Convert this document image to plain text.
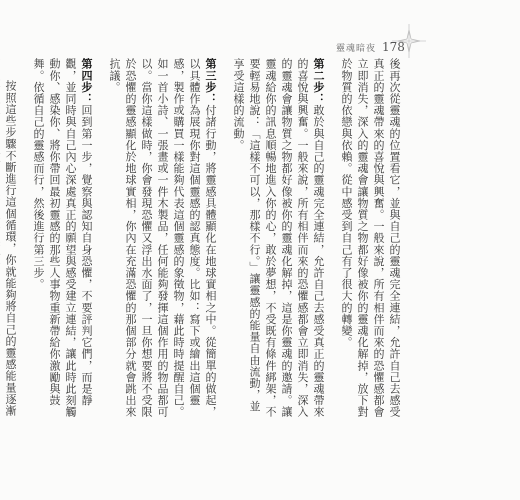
靈魂暗夜 178

後再次從靈魂的位置看它，並與自己的靈魂完全連結，允許自己去感受真正的靈魂帶來的喜悅與興奮。一般來說，所有相伴而來的恐懼感都會立即消失，深入的靈魂會讓物質之物都好像被你的靈魂化解掉，放下對於物質的依戀與依賴。從中感受到自己有了很大的轉變。

第二步：敢於與自己的靈魂完全連結，允許自己去感受真正的靈魂帶來的喜悅與興奮。一般來說，所有相伴而來的恐懼感都會立即消失，深入的靈魂會讓物質之物都好像被你的靈魂化解掉，這是你靈魂的邀請。讓靈魂給你的訊息順暢地進入你的心，敢於夢想，不受既有條件綁架，不要輕易地說：「這樣不可以，那樣不行。」讓靈感的能量自由流動，並享受這樣的流動。

第三步：付諸行動，將靈感具體顯化在地球實相之中。從簡單的做起，以具體作為展現你對這個靈感的認真態度。比如：寫下或繪出這個靈感，製作或購買一樣能夠代表這個靈感的象徵物，藉此時時提醒自己。如一首小詩、一張畫或一件木製品，任何能夠發揮這個作用的物品都可以。當你這樣做時，你會發現恐懼又浮出水面了，一旦你想要將不受限於恐懼的靈感顯化於地球實相，你內在充滿恐懼的那個部分就會跳出來抗議。

第四步：回到第一步，覺察與認知自身恐懼，不要評判它們，而是靜觀，並同時與自己內心深處真正的願望與感受建立連結，讓此時此刻觸動你、感染你、將你帶回最初靈感的那些人事物重新帶給你激勵與鼓舞。依循自己的靈感而行，然後進行第三步。

按照這些步驟不斷進行這個循環，你就能夠將自己的靈感能量逐漸
